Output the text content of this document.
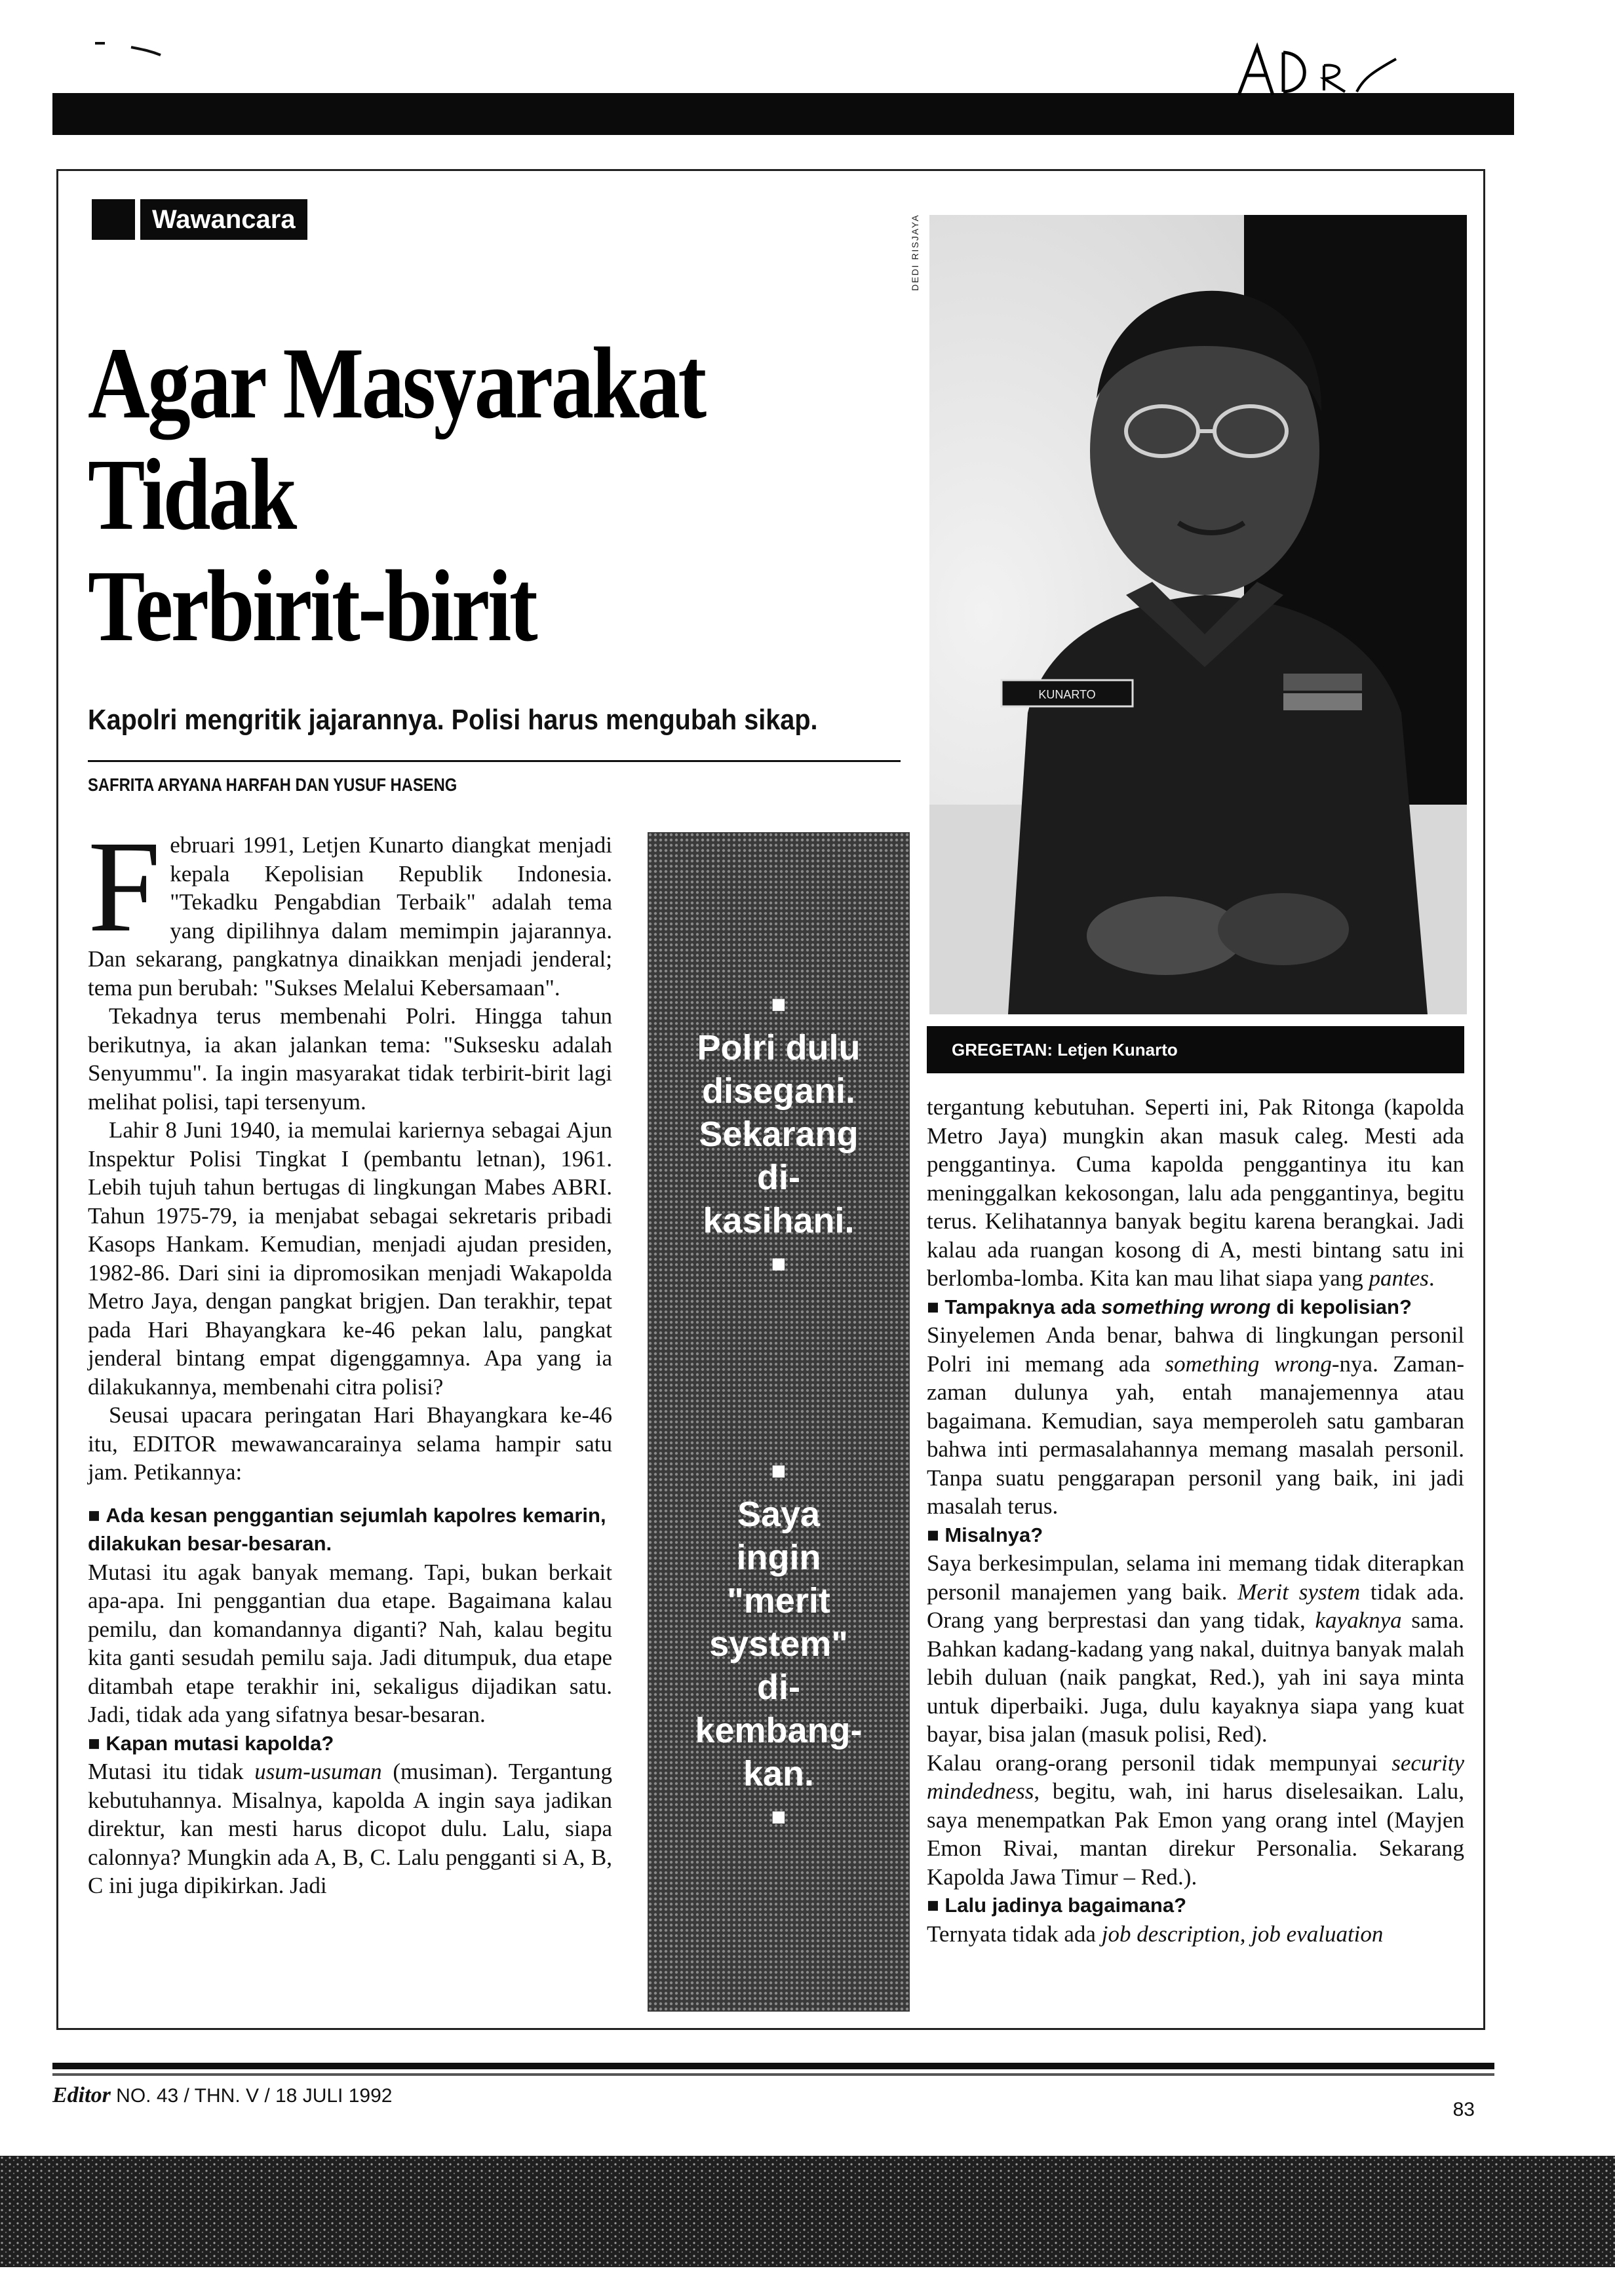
Wawancara	DEDI RISJAYA
Agar Masyarakat
Tidak
Terbirit-birit
Kapolri mengritik jajarannya. Polisi harus mengubah sikap.
SAFRITA ARYANA HARFAH DAN YUSUF HASENG
KUNARTO
GREGETAN: Letjen Kunarto
■
Polri dulu
disegani.
Sekarang
di-
kasihani.
■
■
Saya
ingin
"merit
system"
di-
kembang-
kan.
■

Februari 1991, Letjen Kunarto diangkat menjadi kepala Kepolisian Republik Indonesia. "Tekadku Pengabdian Terbaik" adalah tema yang dipilihnya dalam memimpin jajarannya. Dan sekarang, pangkatnya dinaikkan menjadi jenderal; tema pun berubah: "Sukses Melalui Kebersamaan".

Tekadnya terus membenahi Polri. Hingga tahun berikutnya, ia akan jalankan tema: "Suksesku adalah Senyummu". Ia ingin masyarakat tidak terbirit-birit lagi melihat polisi, tapi tersenyum.

Lahir 8 Juni 1940, ia memulai kariernya sebagai Ajun Inspektur Polisi Tingkat I (pembantu letnan), 1961. Lebih tujuh tahun bertugas di lingkungan Mabes ABRI. Tahun 1975-79, ia menjabat sebagai sekretaris pribadi Kasops Hankam. Kemudian, menjadi ajudan presiden, 1982-86. Dari sini ia dipromosikan menjadi Wakapolda Metro Jaya, dengan pangkat brigjen. Dan terakhir, tepat pada Hari Bhayangkara ke-46 pekan lalu, pangkat jenderal bintang empat digenggamnya. Apa yang ia dilakukannya, membenahi citra polisi?

Seusai upacara peringatan Hari Bhayangkara ke-46 itu, EDITOR mewawancarainya selama hampir satu jam. Petikannya:

■ Ada kesan penggantian sejumlah kapolres kemarin, dilakukan besar-besaran.

Mutasi itu agak banyak memang. Tapi, bukan berkait apa-apa. Ini penggantian dua etape. Bagaimana kalau pemilu, dan komandannya diganti? Nah, kalau begitu kita ganti sesudah pemilu saja. Jadi ditumpuk, dua etape ditambah etape terakhir ini, sekaligus dijadikan satu. Jadi, tidak ada yang sifatnya besar-besaran.

■ Kapan mutasi kapolda?

Mutasi itu tidak usum-usuman (musiman). Tergantung kebutuhannya. Misalnya, kapolda A ingin saya jadikan direktur, kan mesti harus dicopot dulu. Lalu, siapa calonnya? Mungkin ada A, B, C. Lalu pengganti si A, B, C ini juga dipikirkan. Jadi

tergantung kebutuhan. Seperti ini, Pak Ritonga (kapolda Metro Jaya) mungkin akan masuk caleg. Mesti ada penggantinya. Cuma kapolda penggantinya itu kan meninggalkan kekosongan, lalu ada penggantinya, begitu terus. Kelihatannya banyak begitu karena berangkai. Jadi kalau ada ruangan kosong di A, mesti bintang satu ini berlomba-lomba. Kita kan mau lihat siapa yang pantes.

■ Tampaknya ada something wrong di kepolisian?

Sinyelemen Anda benar, bahwa di lingkungan personil Polri ini memang ada something wrong-nya. Zaman-zaman dulunya yah, entah manajemennya atau bagaimana. Kemudian, saya memperoleh satu gambaran bahwa inti permasalahannya memang masalah personil. Tanpa suatu penggarapan personil yang baik, ini jadi masalah terus.

■ Misalnya?

Saya berkesimpulan, selama ini memang tidak diterapkan personil manajemen yang baik. Merit system tidak ada. Orang yang berprestasi dan yang tidak, kayaknya sama. Bahkan kadang-kadang yang nakal, duitnya banyak malah lebih duluan (naik pangkat, Red.), yah ini saya minta untuk diperbaiki. Juga, dulu kayaknya siapa yang kuat bayar, bisa jalan (masuk polisi, Red).

Kalau orang-orang personil tidak mempunyai security mindedness, begitu, wah, ini harus diselesaikan. Lalu, saya menempatkan Pak Emon yang orang intel (Mayjen Emon Rivai, mantan direkur Personalia. Sekarang Kapolda Jawa Timur – Red.).

■ Lalu jadinya bagaimana?

Ternyata tidak ada job description, job evaluation

Editor NO. 43 / THN. V / 18 JULI 1992
83
